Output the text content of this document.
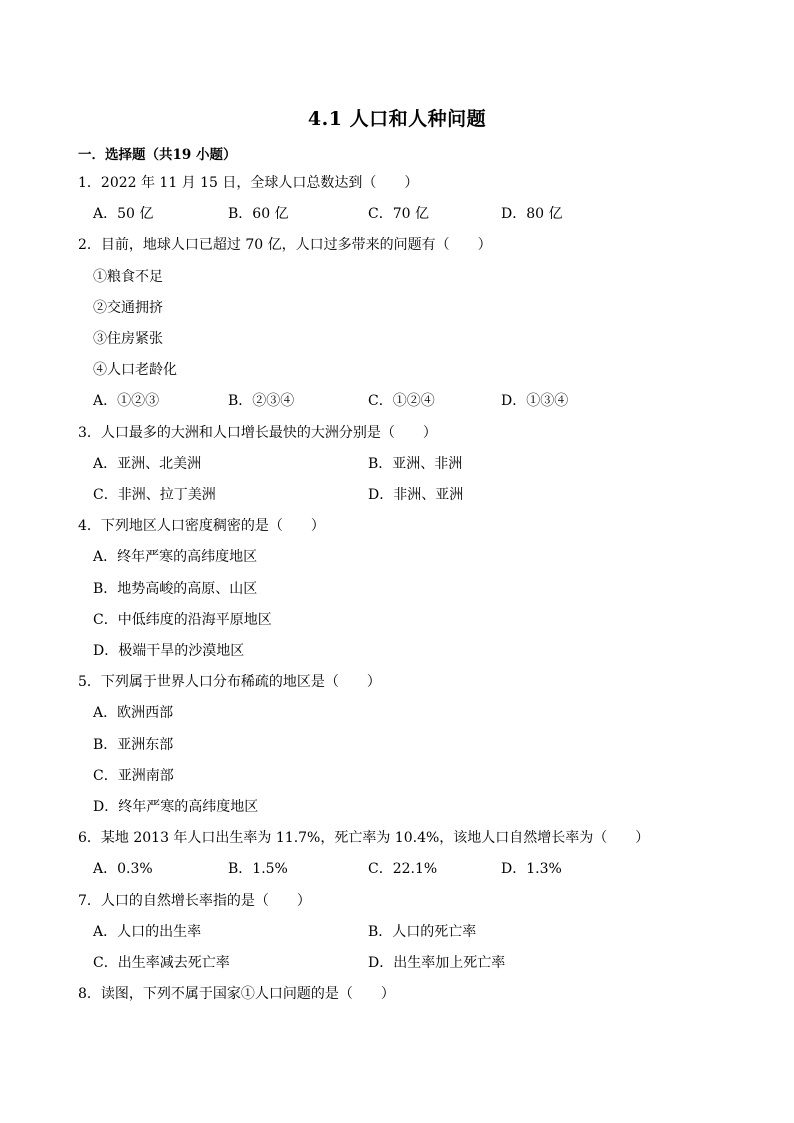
4.1 人口和人种问题
一．选择题（共19 小题）
1．2022 年 11 月 15 日，全球人口总数达到（　　）
A．50 亿	B．60 亿	C．70 亿	D．80 亿
2．目前，地球人口已超过 70 亿，人口过多带来的问题有（　　）
①粮食不足
②交通拥挤
③住房紧张
④人口老龄化
A．①②③	B．②③④	C．①②④	D．①③④
3．人口最多的大洲和人口增长最快的大洲分别是（　　）
A．亚洲、北美洲	B．亚洲、非洲
C．非洲、拉丁美洲	D．非洲、亚洲
4．下列地区人口密度稠密的是（　　）
A．终年严寒的高纬度地区
B．地势高峻的高原、山区
C．中低纬度的沿海平原地区
D．极端干旱的沙漠地区
5．下列属于世界人口分布稀疏的地区是（　　）
A．欧洲西部
B．亚洲东部
C．亚洲南部
D．终年严寒的高纬度地区
6．某地 2013 年人口出生率为 11.7%，死亡率为 10.4%，该地人口自然增长率为（　　）
A．0.3%	B．1.5%	C．22.1%	D．1.3%
7．人口的自然增长率指的是（　　）
A．人口的出生率	B．人口的死亡率
C．出生率减去死亡率	D．出生率加上死亡率
8．读图，下列不属于国家①人口问题的是（　　）
